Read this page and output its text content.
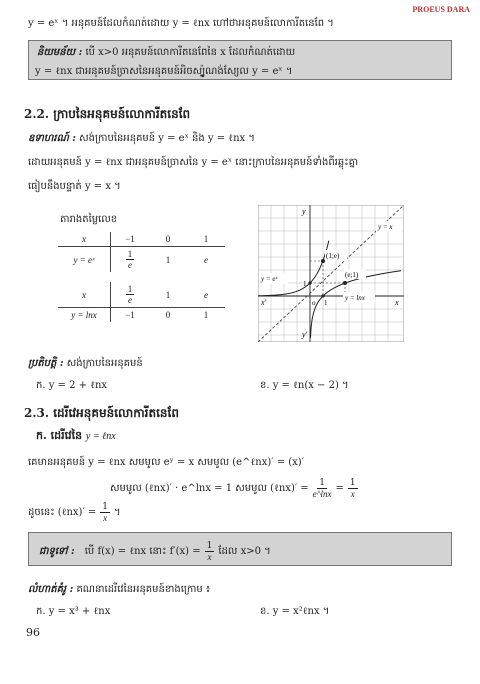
PROEUS DARA
y = eˣ ។ អនុគមន៍ដែលកំណត់ដោយ y = ℓnx ហៅថាអនុគមន៍លោការីតនេពែ ។
និយមន័យ : បើ x>0 អនុគមន៍លោការីតនេពែនៃ x ដែលកំណត់ដោយ
y = ℓnx ជាអនុគមន៍ច្រាសនៃអនុគមន៍អិចស្ប៉ូណង់ស្យែល y = eˣ ។
2.2. ក្រាបនៃអនុគមន៍លោការីតនេពែ
ឧទាហរណ៍ : សង់ក្រាបនៃអនុគមន៍ y = eˣ និង y = ℓnx ។
ដោយអនុគមន៍ y = ℓnx ជាអនុគមន៍ច្រាសនៃ y = eˣ នោះក្រាបនៃអនុគមន៍ទាំងពីរឆ្លុះគ្នា
ធៀបនឹងបន្ទាត់ y = x ។
តារាងតម្លៃលេខ
x	−1	0	1
y = eˣ	$\frac{1}{e}$	1	e
x	$\frac{1}{e}$	1	e
y = lnx	−1	0	1
y
y'
x
x'	o 1
1
y = x
y = eˣ
y = lnx
(1;e)
(e;1)
ប្រតិបត្តិ : សង់ក្រាបនៃអនុគមន៍
ក. y = 2 + ℓnx	ខ. y = ℓn(x − 2) ។
2.3. ដេរីវេអនុគមន៍លោការីតនេពែ
ក. ដេរីវេនៃ y = ℓnx
គេមានអនុគមន៍ y = ℓnx សមមូល eʸ = x សមមូល (e^ℓnx)′ = (x)′
សមមូល (ℓnx)′ · e^lnx = 1 សមមូល (ℓnx)′ = $\frac{1}{e\^{}\ln x} = \frac{1}{x}$
ដូចនេះ (ℓnx)′ = $\frac{1}{x}$ ។
ជាទូទៅ : បើ f(x) = ℓnx នោះ $f'(x) = \frac{1}{x}$ ដែល x>0 ។
លំហាត់គំរូ : គណនាដេរីវេនៃអនុគមន៍ខាងក្រោម ៖
ក. y = x³ + ℓnx	ខ. y = x²ℓnx ។
96
